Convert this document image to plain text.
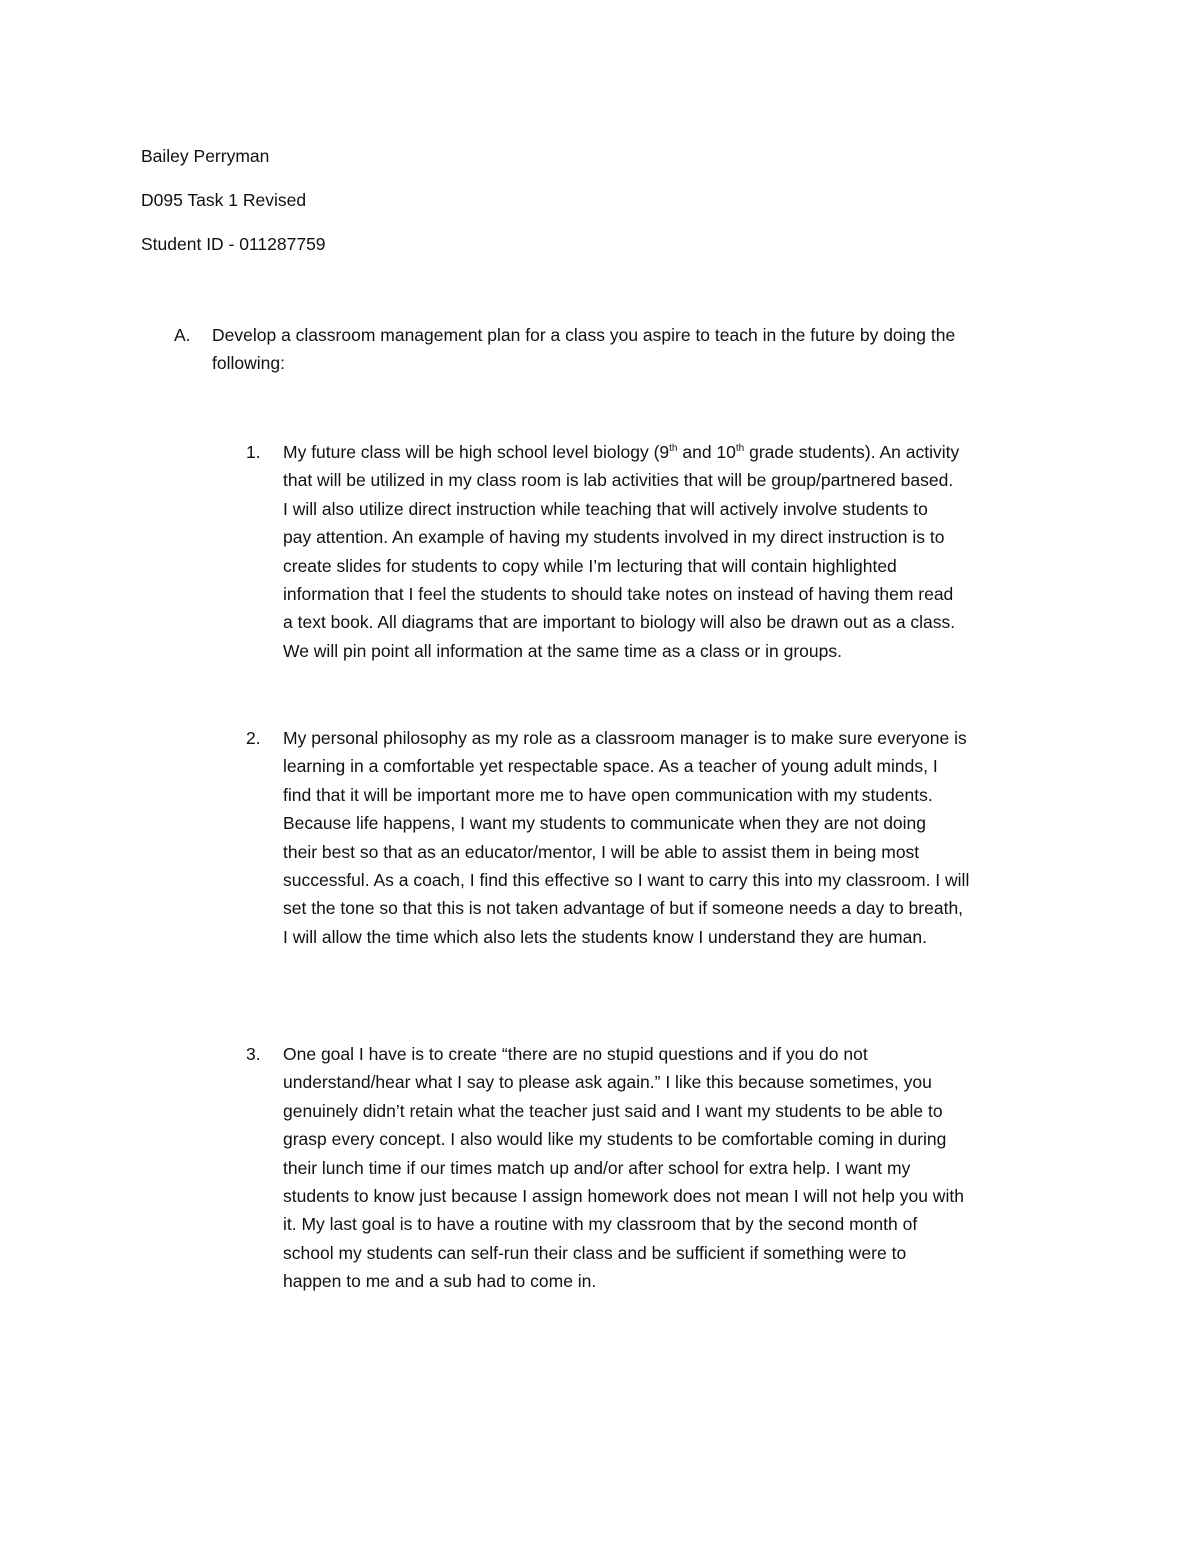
Bailey Perryman
D095 Task 1 Revised
Student ID - 011287759
A. Develop a classroom management plan for a class you aspire to teach in the future by doing the
following:
1. My future class will be high school level biology (9th and 10th grade students). An activity
that will be utilized in my class room is lab activities that will be group/partnered based.
I will also utilize direct instruction while teaching that will actively involve students to
pay attention. An example of having my students involved in my direct instruction is to
create slides for students to copy while I’m lecturing that will contain highlighted
information that I feel the students to should take notes on instead of having them read
a text book. All diagrams that are important to biology will also be drawn out as a class.
We will pin point all information at the same time as a class or in groups.
2. My personal philosophy as my role as a classroom manager is to make sure everyone is
learning in a comfortable yet respectable space. As a teacher of young adult minds, I
find that it will be important more me to have open communication with my students.
Because life happens, I want my students to communicate when they are not doing
their best so that as an educator/mentor, I will be able to assist them in being most
successful. As a coach, I find this effective so I want to carry this into my classroom. I will
set the tone so that this is not taken advantage of but if someone needs a day to breath,
I will allow the time which also lets the students know I understand they are human.
3. One goal I have is to create “there are no stupid questions and if you do not
understand/hear what I say to please ask again.” I like this because sometimes, you
genuinely didn’t retain what the teacher just said and I want my students to be able to
grasp every concept. I also would like my students to be comfortable coming in during
their lunch time if our times match up and/or after school for extra help. I want my
students to know just because I assign homework does not mean I will not help you with
it. My last goal is to have a routine with my classroom that by the second month of
school my students can self-run their class and be sufficient if something were to
happen to me and a sub had to come in.
